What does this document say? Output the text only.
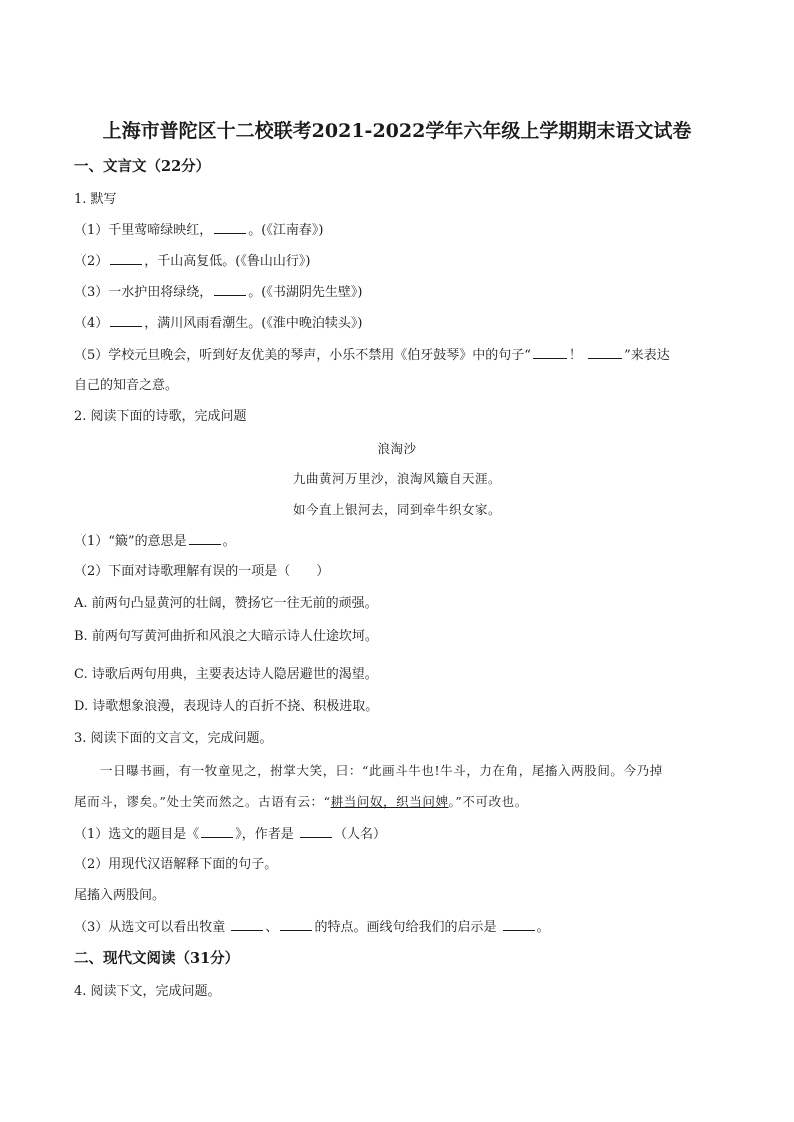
上海市普陀区十二校联考2021-2022学年六年级上学期期末语文试卷
一、文言文（22分）
1. 默写
（1）千里莺啼绿映红，	。(《江南春》)
（2）	，千山高复低。(《鲁山山行》)
（3）一水护田将绿绕，	。(《书湖阴先生壁》)
（4）	，满川风雨看潮生。(《淮中晚泊犊头》)
（5）学校元旦晚会，听到好友优美的琴声，小乐不禁用《伯牙鼓琴》中的句子“	！	”来表达
自己的知音之意。
2. 阅读下面的诗歌，完成问题
浪淘沙
九曲黄河万里沙，浪淘风簸自天涯。
如今直上银河去，同到牵牛织女家。
（1）“簸”的意思是	。
（2）下面对诗歌理解有误的一项是（　　）
A. 前两句凸显黄河的壮阔，赞扬它一往无前的顽强。
B. 前两句写黄河曲折和风浪之大暗示诗人仕途坎坷。
C. 诗歌后两句用典，主要表达诗人隐居避世的渴望。
D. 诗歌想象浪漫，表现诗人的百折不挠、积极进取。
3. 阅读下面的文言文，完成问题。
一日曝书画，有一牧童见之，拊掌大笑，曰：“此画斗牛也!牛斗，力在角，尾搐入两股间。今乃掉
尾而斗，谬矣。”处士笑而然之。古语有云：“耕当问奴，织当问婢。”不可改也。
（1）选文的题目是《	》，作者是	（人名）
（2）用现代汉语解释下面的句子。
尾搐入两股间。
（3）从选文可以看出牧童	、	的特点。画线句给我们的启示是	。
二、现代文阅读（31分）
4. 阅读下文，完成问题。
